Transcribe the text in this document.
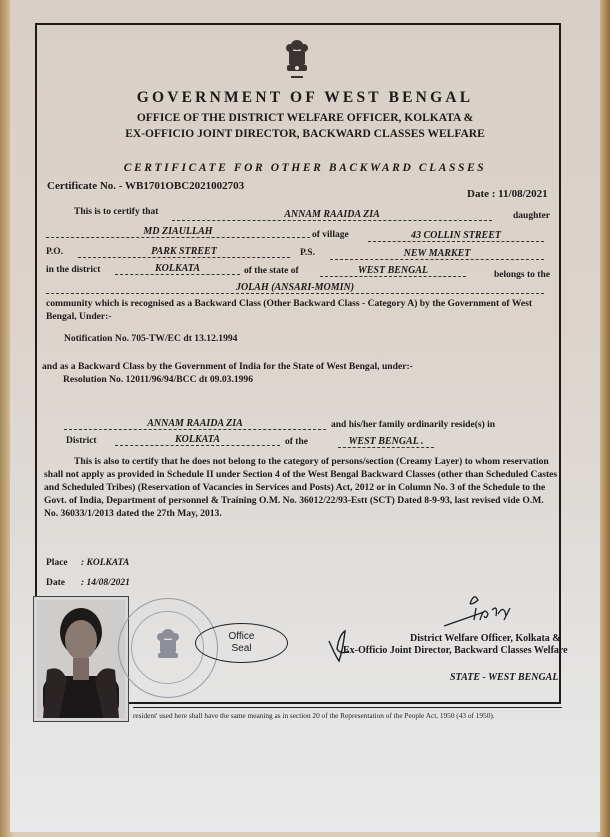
GOVERNMENT OF WEST BENGAL
OFFICE OF THE DISTRICT WELFARE OFFICER, KOLKATA &
EX-OFFICIO JOINT DIRECTOR, BACKWARD CLASSES WELFARE
CERTIFICATE FOR OTHER BACKWARD CLASSES
Certificate No. - WB1701OBC2021002703
Date : 11/08/2021
This is to certify that	ANNAM RAAIDA ZIA	daughter
MD ZIAULLAH	of village	43 COLLIN STREET
P.O.	PARK STREET	P.S.	NEW MARKET
in the district	KOLKATA	of the state of	WEST BENGAL	belongs to the
JOLAH (ANSARI-MOMIN)
community which is recognised as a Backward Class (Other Backward Class - Category A) by the Government of West
Bengal, Under:-
Notification No. 705-TW/EC dt 13.12.1994
and as a Backward Class by the Government of India for the State of West Bengal, under:-
Resolution No. 12011/96/94/BCC dt 09.03.1996
ANNAM RAAIDA ZIA	and his/her family ordinarily reside(s) in
District	KOLKATA	of the	WEST BENGAL .
This is also to certify that he does not belong to the category of persons/section (Creamy Layer) to whom reservation
shall not apply as provided in Schedule II under Section 4 of the West Bengal Backward Classes (other than Scheduled Castes
and Scheduled Tribes) (Reservation of Vacancies in Services and Posts) Act, 2012 or in Column No. 3 of the Schedule to the
Govt. of India, Department of personnel & Training O.M. No. 36012/22/93-Estt (SCT) Dated 8-9-93, last revised vide O.M.
No. 36033/1/2013 dated the 27th May, 2013.
Place : KOLKATA
Date : 14/08/2021
Office
Seal
District Welfare Officer, Kolkata &
Ex-Officio Joint Director, Backward Classes Welfare
STATE - WEST BENGAL
resident' used here shall have the same meaning as in section 20 of the Representation of the People Act, 1950 (43 of 1950).
